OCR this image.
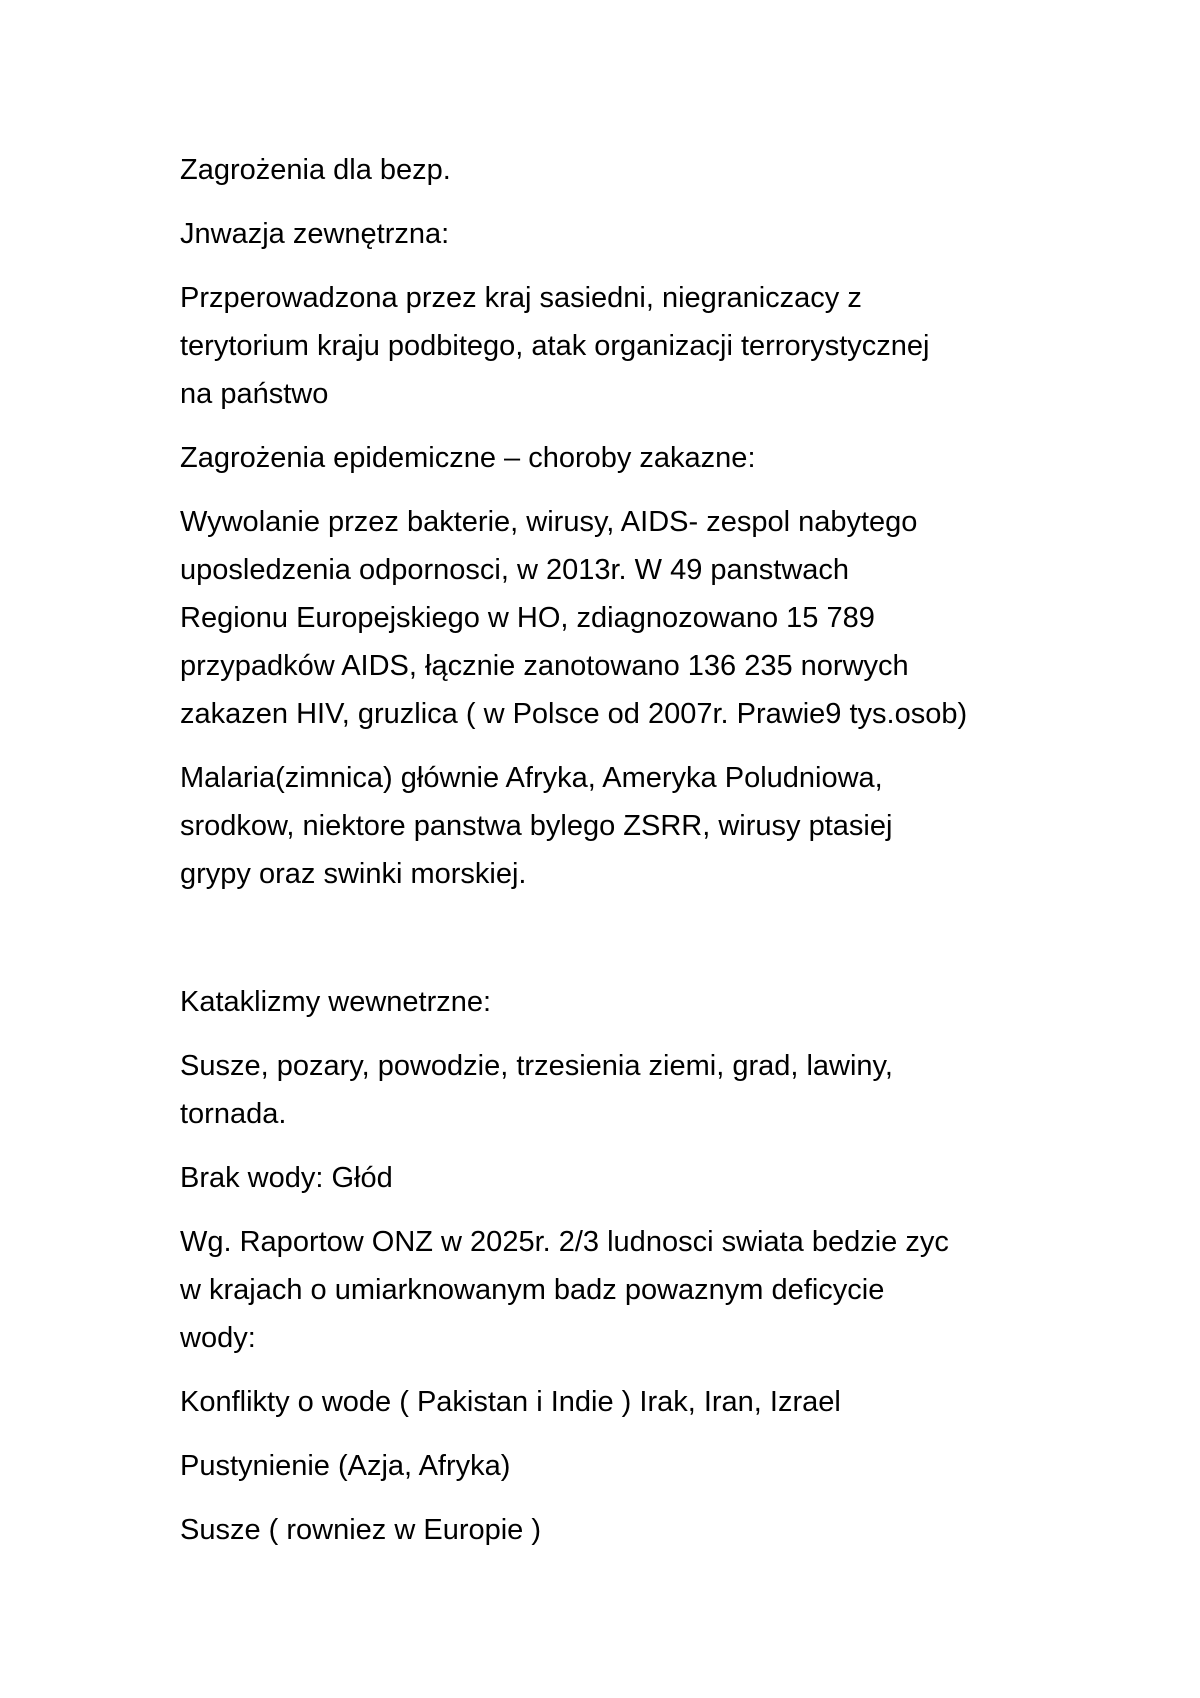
Zagrożenia dla bezp.

Jnwazja zewnętrzna:

Przperowadzona przez kraj sasiedni, niegraniczacy z
terytorium kraju podbitego, atak organizacji terrorystycznej
na państwo

Zagrożenia epidemiczne – choroby zakazne:

Wywolanie przez bakterie, wirusy, AIDS- zespol nabytego
uposledzenia odpornosci, w 2013r. W 49 panstwach
Regionu Europejskiego w HO, zdiagnozowano 15 789
przypadków AIDS, łącznie zanotowano 136 235 norwych
zakazen HIV, gruzlica ( w Polsce od 2007r. Prawie9 tys.osob)

Malaria(zimnica) głównie Afryka, Ameryka Poludniowa,
srodkow, niektore panstwa bylego ZSRR, wirusy ptasiej
grypy oraz swinki morskiej.

Kataklizmy wewnetrzne:

Susze, pozary, powodzie, trzesienia ziemi, grad, lawiny,
tornada.

Brak wody: Głód

Wg. Raportow ONZ w 2025r. 2/3 ludnosci swiata bedzie zyc
w krajach o umiarknowanym badz powaznym deficycie
wody:

Konflikty o wode ( Pakistan i Indie ) Irak, Iran, Izrael

Pustynienie (Azja, Afryka)

Susze ( rowniez w Europie )
